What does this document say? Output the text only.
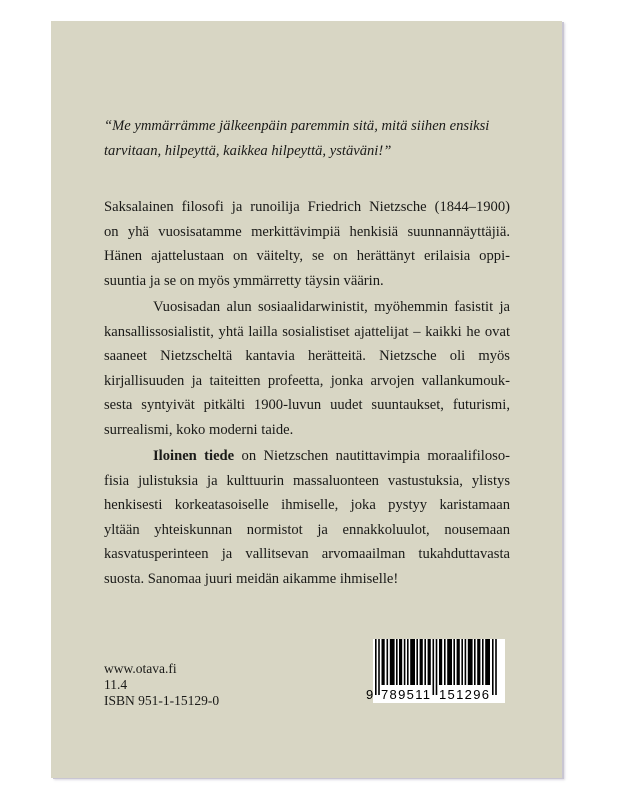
“Me ymmärrämme jälkeenpäin paremmin sitä, mitä siihen ensiksi
tarvitaan, hilpeyttä, kaikkea hilpeyttä, ystäväni!”
Saksalainen filosofi ja runoilija Friedrich Nietzsche (1844–1900)
on yhä vuosisatamme merkittävimpiä henkisiä suunnannäyttäjiä.
Hänen ajattelustaan on väitelty, se on herättänyt erilaisia oppi-
suuntia ja se on myös ymmärretty täysin väärin.
Vuosisadan alun sosiaalidarwinistit, myöhemmin fasistit ja
kansallissosialistit, yhtä lailla sosialistiset ajattelijat – kaikki he ovat
saaneet Nietzscheltä kantavia herätteitä. Nietzsche oli myös
kirjallisuuden ja taiteitten profeetta, jonka arvojen vallankumouk-
sesta syntyivät pitkälti 1900-luvun uudet suuntaukset, futurismi,
surrealismi, koko moderni taide.
Iloinen tiede on Nietzschen nautittavimpia moraalifiloso-
fisia julistuksia ja kulttuurin massaluonteen vastustuksia, ylistys
henkisesti korkeatasoiselle ihmiselle, joka pystyy karistamaan
yltään yhteiskunnan normistot ja ennakkoluulot, nousemaan
kasvatusperinteen ja vallitsevan arvomaailman tukahduttavasta
suosta. Sanomaa juuri meidän aikamme ihmiselle!
www.otava.fi
11.4
ISBN 951-1-15129-0	9 789511 151296
